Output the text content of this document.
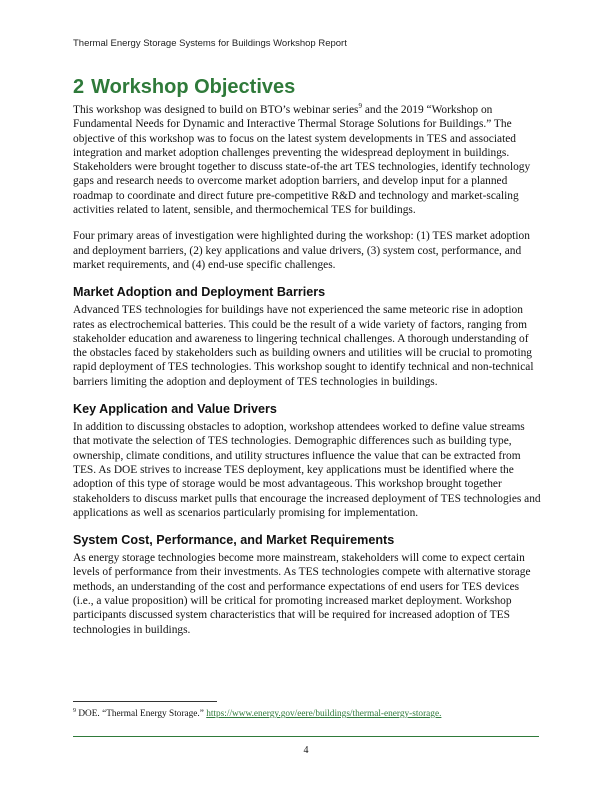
Thermal Energy Storage Systems for Buildings Workshop Report
2 Workshop Objectives

This workshop was designed to build on BTO’s webinar series$^9$ and the 2019 “Workshop on Fundamental Needs for Dynamic and Interactive Thermal Storage Solutions for Buildings.” The objective of this workshop was to focus on the latest system developments in TES and associated integration and market adoption challenges preventing the widespread deployment in buildings. Stakeholders were brought together to discuss state-of-the art TES technologies, identify technology gaps and research needs to overcome market adoption barriers, and develop input for a planned roadmap to coordinate and direct future pre-competitive R&D and technology and market-scaling activities related to latent, sensible, and thermochemical TES for buildings.

Four primary areas of investigation were highlighted during the workshop: (1) TES market adoption and deployment barriers, (2) key applications and value drivers, (3) system cost, performance, and market requirements, and (4) end-use specific challenges.

Market Adoption and Deployment Barriers

Advanced TES technologies for buildings have not experienced the same meteoric rise in adoption rates as electrochemical batteries. This could be the result of a wide variety of factors, ranging from stakeholder education and awareness to lingering technical challenges. A thorough understanding of the obstacles faced by stakeholders such as building owners and utilities will be crucial to promoting rapid deployment of TES technologies. This workshop sought to identify technical and non-technical barriers limiting the adoption and deployment of TES technologies in buildings.

Key Application and Value Drivers

In addition to discussing obstacles to adoption, workshop attendees worked to define value streams that motivate the selection of TES technologies. Demographic differences such as building type, ownership, climate conditions, and utility structures influence the value that can be extracted from TES. As DOE strives to increase TES deployment, key applications must be identified where the adoption of this type of storage would be most advantageous. This workshop brought together stakeholders to discuss market pulls that encourage the increased deployment of TES technologies and applications as well as scenarios particularly promising for implementation.

System Cost, Performance, and Market Requirements

As energy storage technologies become more mainstream, stakeholders will come to expect certain levels of performance from their investments. As TES technologies compete with alternative storage methods, an understanding of the cost and performance expectations of end users for TES devices (i.e., a value proposition) will be critical for promoting increased market deployment. Workshop participants discussed system characteristics that will be required for increased adoption of TES technologies in buildings.

$^9$ DOE. “Thermal Energy Storage.” https://www.energy.gov/eere/buildings/thermal-energy-storage.
4
